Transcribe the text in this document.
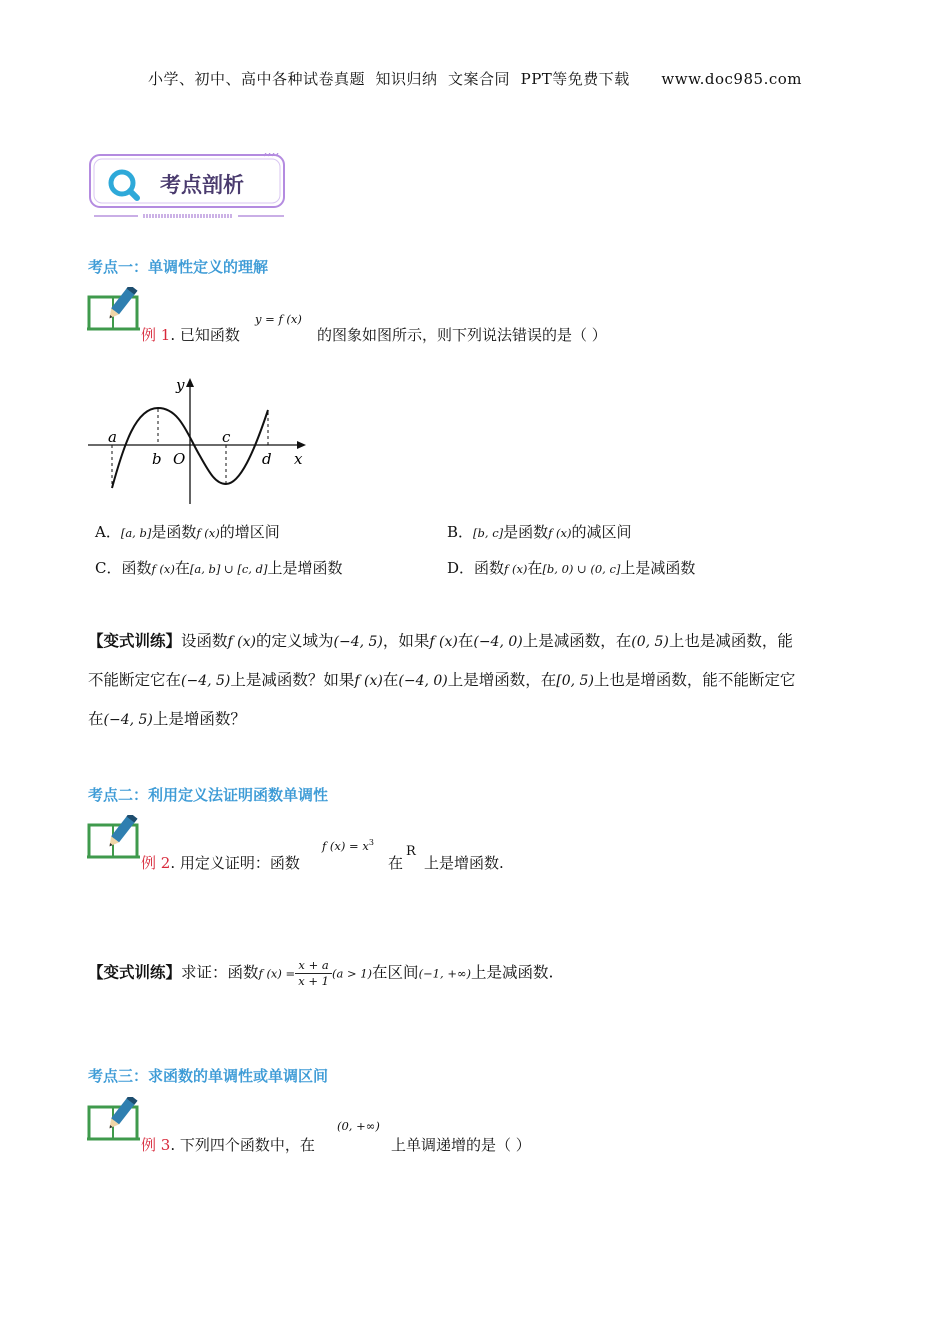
小学、初中、高中各种试卷真题  知识归纳  文案合同  PPT等免费下载      www.doc985.com
考点剖析
考点一：单调性定义的理解
例 1. 已知函数
y = f (x)
的图象如图所示，则下列说法错误的是（ ）
y
x
O
a
b
c
d
A．[a, b]是函数f (x)的增区间	B．[b, c]是函数f (x)的减区间
C．函数f (x)在[a, b] ∪ [c, d]上是增函数	D．函数f (x)在[b, 0) ∪ (0, c]上是减函数
【变式训练】设函数f (x)的定义域为(−4, 5)，如果f (x)在(−4, 0)上是减函数，在(0, 5)上也是减函数，能
不能断定它在(−4, 5)上是减函数？如果f (x)在(−4, 0)上是增函数，在[0, 5)上也是增函数，能不能断定它
在(−4, 5)上是增函数？
考点二：利用定义法证明函数单调性
例 2. 用定义证明：函数
f $(x) = x^3$
在
R
上是增函数.
【变式训练】求证：函数f $(x) = \frac{x + a}{x + 1} (a > 1)$在区间(−1, +∞)上是减函数.
考点三：求函数的单调性或单调区间
例 3. 下列四个函数中，在
(0, +∞)
上单调递增的是（ ）
